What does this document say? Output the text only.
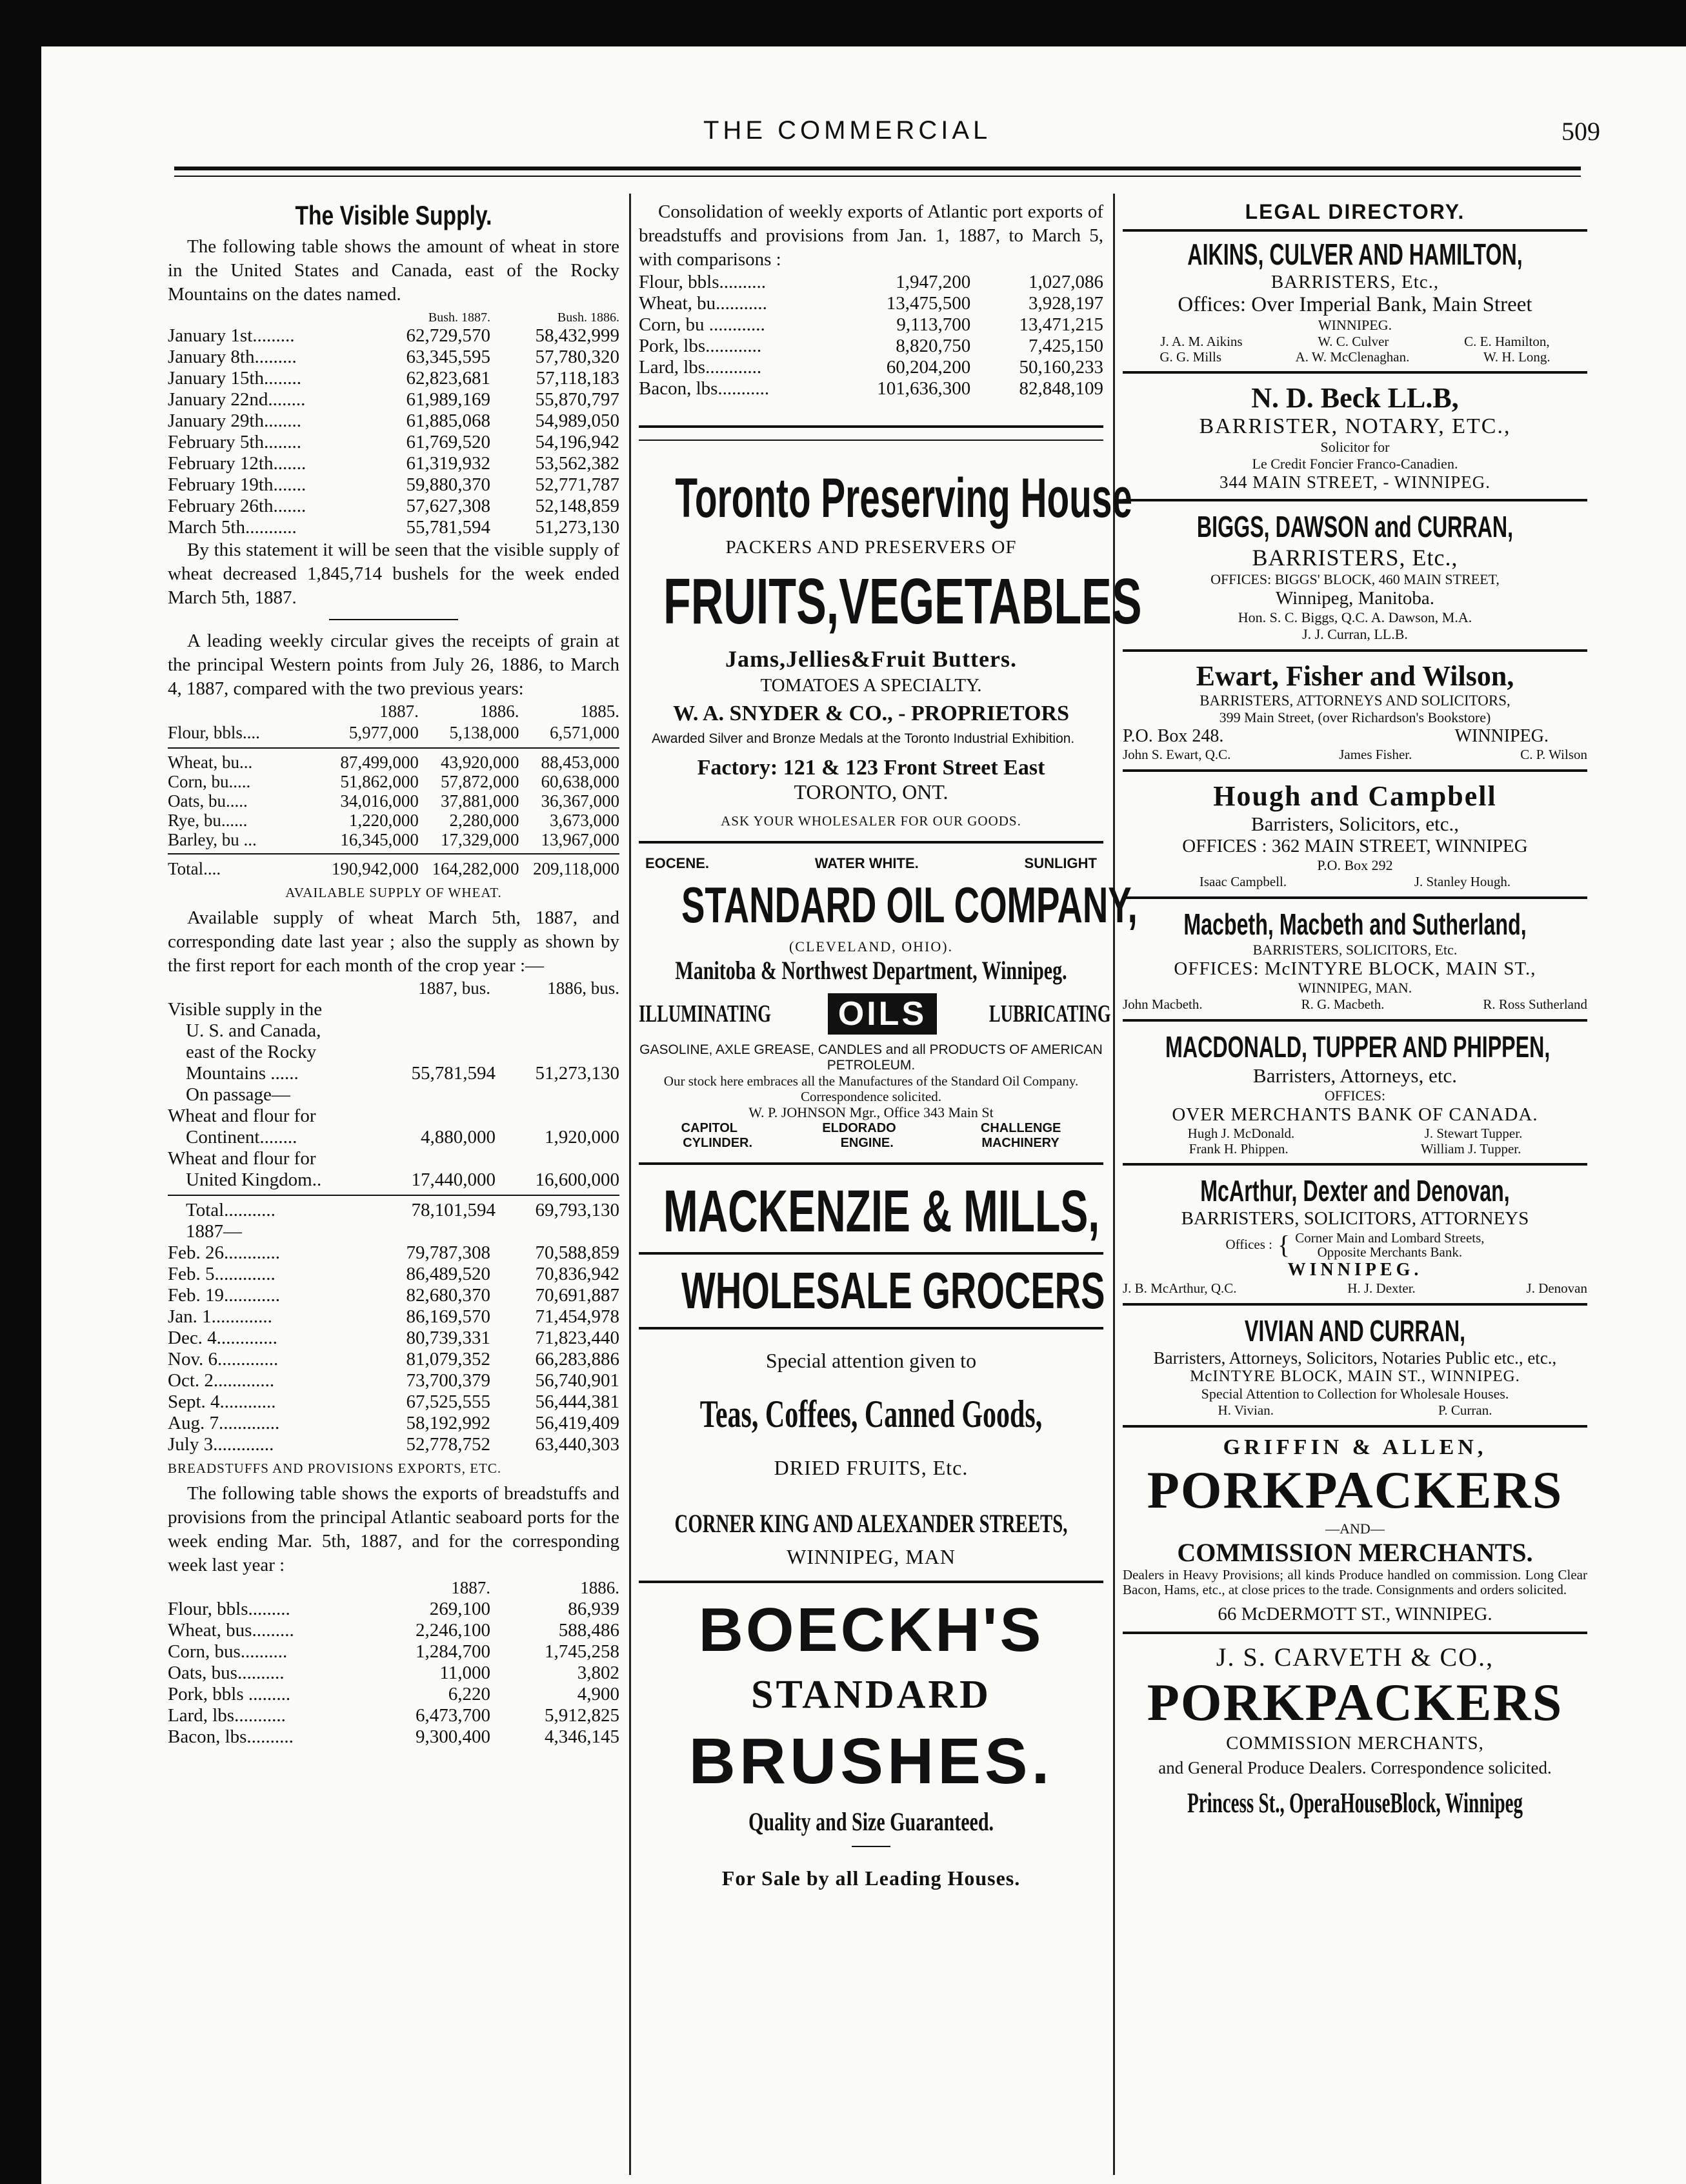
THE COMMERCIAL	509
The Visible Supply.

The following table shows the amount of wheat in store in the United States and Canada, east of the Rocky Mountains on the dates named.

Bush. 1887.	Bush. 1886.
January 1st.........	62,729,570	58,432,999
January 8th.........	63,345,595	57,780,320
January 15th........	62,823,681	57,118,183
January 22nd........	61,989,169	55,870,797
January 29th........	61,885,068	54,989,050
February 5th........	61,769,520	54,196,942
February 12th.......	61,319,932	53,562,382
February 19th.......	59,880,370	52,771,787
February 26th.......	57,627,308	52,148,859
March 5th...........	55,781,594	51,273,130

By this statement it will be seen that the visible supply of wheat decreased 1,845,714 bushels for the week ended March 5th, 1887.

A leading weekly circular gives the receipts of grain at the principal Western points from July 26, 1886, to March 4, 1887, compared with the two previous years:

1887.	1886.	1885.
Flour, bbls....	5,977,000	5,138,000	6,571,000
Wheat, bu...	87,499,000	43,920,000	88,453,000
Corn, bu.....	51,862,000	57,872,000	60,638,000
Oats, bu.....	34,016,000	37,881,000	36,367,000
Rye, bu......	1,220,000	2,280,000	3,673,000
Barley, bu ...	16,345,000	17,329,000	13,967,000
Total....	190,942,000 164,282,000 209,118,000
AVAILABLE SUPPLY OF WHEAT.

Available supply of wheat March 5th, 1887, and corresponding date last year ; also the supply as shown by the first report for each month of the crop year :—

1887, bus.	1886, bus.
Visible supply in the
U. S. and Canada,
east of the Rocky
Mountains ......	55,781,594	51,273,130
On passage—
Wheat and flour for
Continent........	4,880,000	1,920,000
Wheat and flour for
United Kingdom..	17,440,000	16,600,000
Total...........	78,101,594	69,793,130
1887—
Feb. 26............	79,787,308	70,588,859
Feb. 5.............	86,489,520	70,836,942
Feb. 19............	82,680,370	70,691,887
Jan. 1.............	86,169,570	71,454,978
Dec. 4.............	80,739,331	71,823,440
Nov. 6.............	81,079,352	66,283,886
Oct. 2.............	73,700,379	56,740,901
Sept. 4............	67,525,555	56,444,381
Aug. 7.............	58,192,992	56,419,409
July 3.............	52,778,752	63,440,303
BREADSTUFFS AND PROVISIONS EXPORTS, ETC.

The following table shows the exports of breadstuffs and provisions from the principal Atlantic seaboard ports for the week ending Mar. 5th, 1887, and for the corresponding week last year :

1887.	1886.
Flour, bbls.........	269,100	86,939
Wheat, bus.........	2,246,100	588,486
Corn, bus..........	1,284,700	1,745,258
Oats, bus..........	11,000	3,802
Pork, bbls .........	6,220	4,900
Lard, lbs...........	6,473,700	5,912,825
Bacon, lbs..........	9,300,400	4,346,145

Consolidation of weekly exports of Atlantic port exports of breadstuffs and provisions from Jan. 1, 1887, to March 5, with comparisons :

Flour, bbls..........	1,947,200	1,027,086
Wheat, bu...........	13,475,500	3,928,197
Corn, bu ............	9,113,700	13,471,215
Pork, lbs............	8,820,750	7,425,150
Lard, lbs............	60,204,200	50,160,233
Bacon, lbs...........	101,636,300	82,848,109
Toronto Preserving House
PACKERS AND PRESERVERS OF
FRUITS,VEGETABLES
Jams,Jellies&Fruit Butters.
TOMATOES A SPECIALTY.
W. A. SNYDER & CO., - PROPRIETORS
Awarded Silver and Bronze Medals at the Toronto Industrial Exhibition.
Factory: 121 & 123 Front Street East
TORONTO, ONT.
ASK YOUR WHOLESALER FOR OUR GOODS.
EOCENE.	WATER WHITE.	SUNLIGHT
STANDARD OIL COMPANY,
(CLEVELAND, OHIO).
Manitoba & Northwest Department, Winnipeg.
ILLUMINATING	OILS	LUBRICATING
GASOLINE, AXLE GREASE, CANDLES and all PRODUCTS OF AMERICAN PETROLEUM.
Our stock here embraces all the Manufactures of the Standard Oil Company. Correspondence solicited.
W. P. JOHNSON Mgr., Office 343 Main St
CAPITOL	ELDORADO	CHALLENGE
CYLINDER.	ENGINE.	MACHINERY
MACKENZIE & MILLS,
WHOLESALE GROCERS
Special attention given to
Teas, Coffees, Canned Goods,
DRIED FRUITS, Etc.
CORNER KING AND ALEXANDER STREETS,
WINNIPEG, MAN
BOECKH'S
STANDARD
BRUSHES.
Quality and Size Guaranteed.
For Sale by all Leading Houses.
LEGAL DIRECTORY.
AIKINS, CULVER AND HAMILTON,
BARRISTERS, Etc.,
Offices: Over Imperial Bank, Main Street
WINNIPEG.
J. A. M. Aikins	W. C. Culver	C. E. Hamilton,
G. G. Mills	A. W. McClenaghan.	W. H. Long.
N. D. Beck LL.B,
BARRISTER, NOTARY, ETC.,
Solicitor for
Le Credit Foncier Franco-Canadien.
344 MAIN STREET, - WINNIPEG.
BIGGS, DAWSON and CURRAN,
BARRISTERS, Etc.,
OFFICES: BIGGS' BLOCK, 460 MAIN STREET,
Winnipeg, Manitoba.
Hon. S. C. Biggs, Q.C. A. Dawson, M.A.
J. J. Curran, LL.B.
Ewart, Fisher and Wilson,
BARRISTERS, ATTORNEYS AND SOLICITORS,
399 Main Street, (over Richardson's Bookstore)
P.O. Box 248.	WINNIPEG.
John S. Ewart, Q.C.	James Fisher.	C. P. Wilson
Hough and Campbell
Barristers, Solicitors, etc.,
OFFICES : 362 MAIN STREET, WINNIPEG
P.O. Box 292
Isaac Campbell.	J. Stanley Hough.
Macbeth, Macbeth and Sutherland,
BARRISTERS, SOLICITORS, Etc.
OFFICES: McINTYRE BLOCK, MAIN ST.,
WINNIPEG, MAN.
John Macbeth.	R. G. Macbeth.	R. Ross Sutherland
MACDONALD, TUPPER AND PHIPPEN,
Barristers, Attorneys, etc.
OFFICES:
OVER MERCHANTS BANK OF CANADA.
Hugh J. McDonald.	J. Stewart Tupper.
Frank H. Phippen.	William J. Tupper.
McArthur, Dexter and Denovan,
BARRISTERS, SOLICITORS, ATTORNEYS
Offices : { Corner Main and Lombard Streets,
Opposite Merchants Bank.
WINNIPEG.
J. B. McArthur, Q.C.	H. J. Dexter.	J. Denovan
VIVIAN AND CURRAN,
Barristers, Attorneys, Solicitors, Notaries Public etc., etc.,
McINTYRE BLOCK, MAIN ST., WINNIPEG.
Special Attention to Collection for Wholesale Houses.
H. Vivian.	P. Curran.
GRIFFIN & ALLEN,
PORKPACKERS
—AND—
COMMISSION MERCHANTS.
Dealers in Heavy Provisions; all kinds Produce handled on commission. Long Clear Bacon, Hams, etc., at close prices to the trade. Consignments and orders solicited.
66 McDERMOTT ST., WINNIPEG.
J. S. CARVETH & CO.,
PORKPACKERS
COMMISSION MERCHANTS,
and General Produce Dealers. Correspondence solicited.
Princess St., OperaHouseBlock, Winnipeg
